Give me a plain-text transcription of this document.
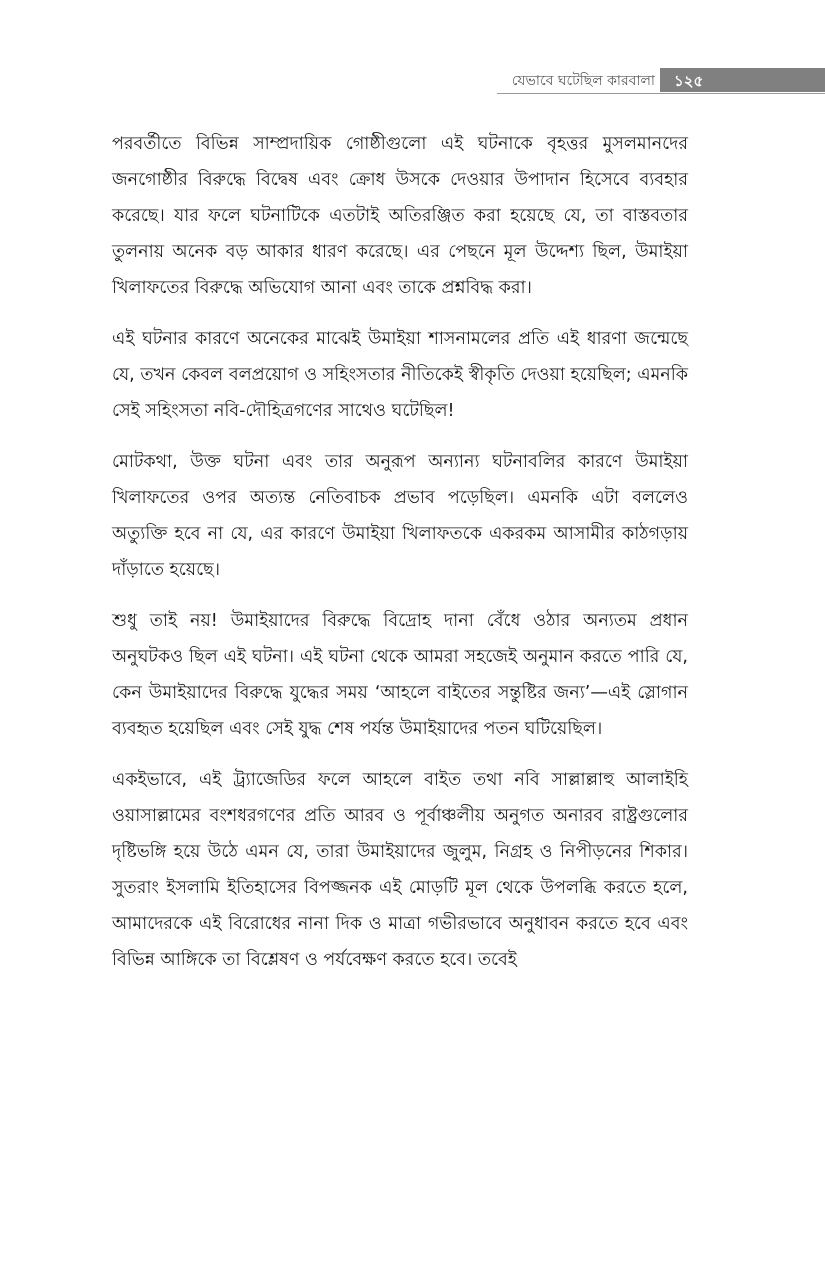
যেভাবে ঘটেছিল কারবালা ১২৫

পরবর্তীতে বিভিন্ন সাম্প্রদায়িক গোষ্ঠীগুলো এই ঘটনাকে বৃহত্তর মুসলমানদের জনগোষ্ঠীর বিরুদ্ধে বিদ্বেষ এবং ক্রোধ উসকে দেওয়ার উপাদান হিসেবে ব্যবহার করেছে। যার ফলে ঘটনাটিকে এতটাই অতিরঞ্জিত করা হয়েছে যে, তা বাস্তবতার তুলনায় অনেক বড় আকার ধারণ করেছে। এর পেছনে মূল উদ্দেশ্য ছিল, উমাইয়া খিলাফতের বিরুদ্ধে অভিযোগ আনা এবং তাকে প্রশ্নবিদ্ধ করা।

এই ঘটনার কারণে অনেকের মাঝেই উমাইয়া শাসনামলের প্রতি এই ধারণা জন্মেছে যে, তখন কেবল বলপ্রয়োগ ও সহিংসতার নীতিকেই স্বীকৃতি দেওয়া হয়েছিল; এমনকি সেই সহিংসতা নবি-দৌহিত্রগণের সাথেও ঘটেছিল!

মোটকথা, উক্ত ঘটনা এবং তার অনুরূপ অন্যান্য ঘটনাবলির কারণে উমাইয়া খিলাফতের ওপর অত্যন্ত নেতিবাচক প্রভাব পড়েছিল। এমনকি এটা বললেও অত্যুক্তি হবে না যে, এর কারণে উমাইয়া খিলাফতকে একরকম আসামীর কাঠগড়ায় দাঁড়াতে হয়েছে।

শুধু তাই নয়! উমাইয়াদের বিরুদ্ধে বিদ্রোহ দানা বেঁধে ওঠার অন্যতম প্রধান অনুঘটকও ছিল এই ঘটনা। এই ঘটনা থেকে আমরা সহজেই অনুমান করতে পারি যে, কেন উমাইয়াদের বিরুদ্ধে যুদ্ধের সময় ‘আহলে বাইতের সন্তুষ্টির জন্য’—এই স্লোগান ব্যবহৃত হয়েছিল এবং সেই যুদ্ধ শেষ পর্যন্ত উমাইয়াদের পতন ঘটিয়েছিল।

একইভাবে, এই ট্র্যাজেডির ফলে আহলে বাইত তথা নবি সাল্লাল্লাহু আলাইহি ওয়াসাল্লামের বংশধরগণের প্রতি আরব ও পূর্বাঞ্চলীয় অনুগত অনারব রাষ্ট্রগুলোর দৃষ্টিভঙ্গি হয়ে উঠে এমন যে, তারা উমাইয়াদের জুলুম, নিগ্রহ ও নিপীড়নের শিকার। সুতরাং ইসলামি ইতিহাসের বিপজ্জনক এই মোড়টি মূল থেকে উপলব্ধি করতে হলে, আমাদেরকে এই বিরোধের নানা দিক ও মাত্রা গভীরভাবে অনুধাবন করতে হবে এবং বিভিন্ন আঙ্গিকে তা বিশ্লেষণ ও পর্যবেক্ষণ করতে হবে। তবেই
